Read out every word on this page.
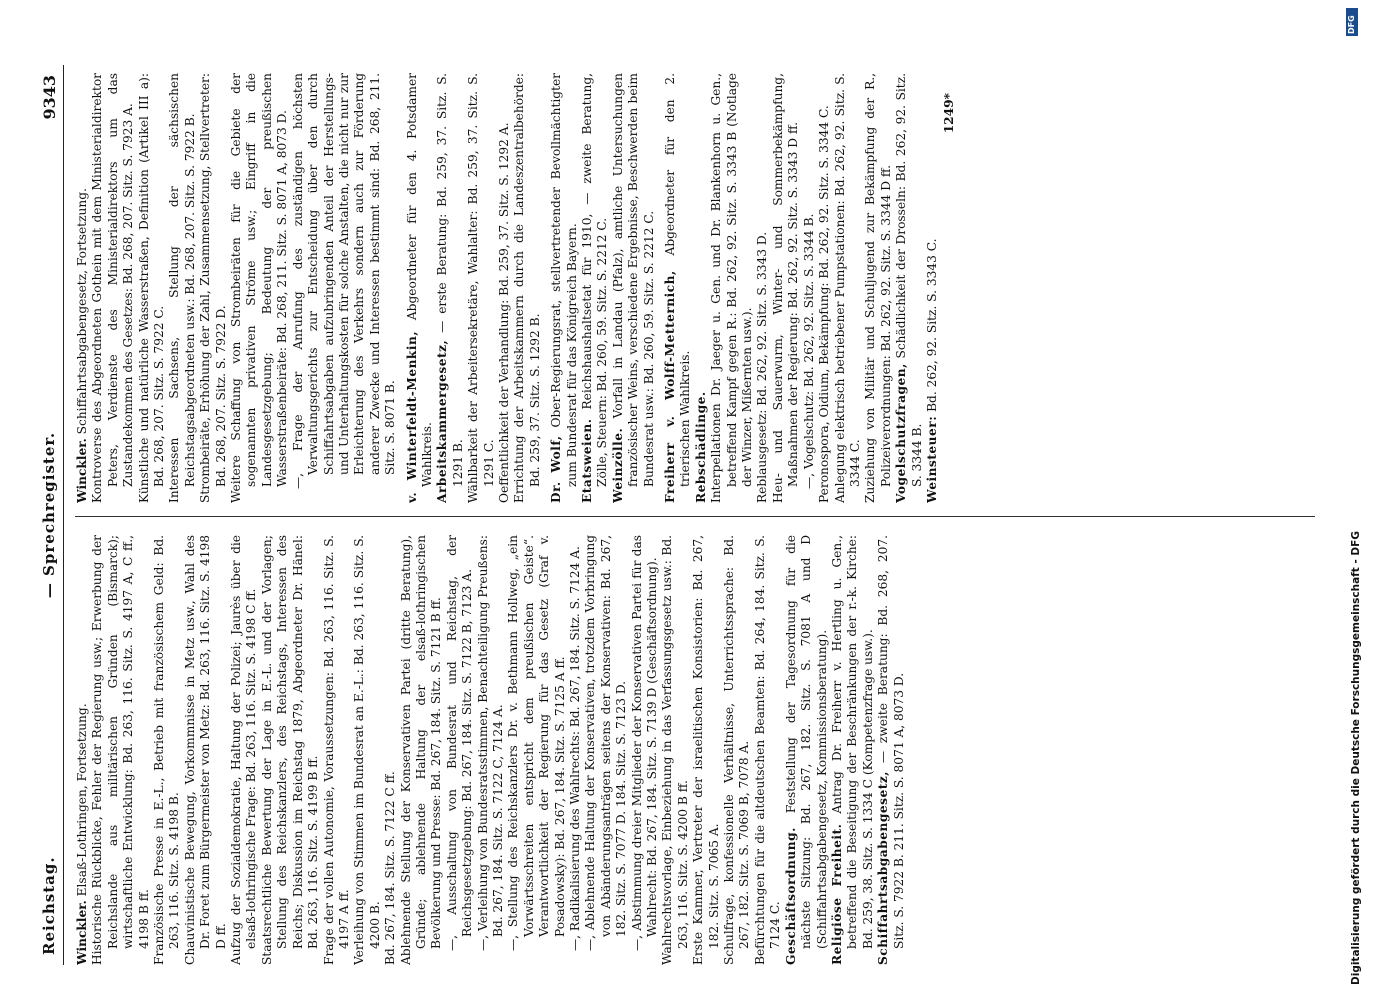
Reichstag.
— Sprechregister.
9343
Winckler. Elsaß-Lothringen, Fortsetzung. Historische Rückblicke, Fehler der Regierung usw.; Erwerbung der Reichslande aus militärischen Gründen (Bismarck); wirtschaftliche Entwicklung: Bd. 263, 116. Sitz. S. 4197 A, C ff., 4198 B ff. Französische Presse in E.-L., Betrieb mit französischem Geld: Bd. 263, 116. Sitz. S. 4198 B. Chauvinistische Bewegung, Vorkommnisse in Metz usw., Wahl des Dr. Foret zum Bürgermeister von Metz: Bd. 263, 116. Sitz. S. 4198 D ff. Aufzug der Sozialdemokratie, Haltung der Polizei; Jaurès über die elsaß-lothringische Frage: Bd. 263, 116. Sitz. S. 4198 C ff. Staatsrechtliche Bewertung der Lage in E.-L. und der Vorlagen; Stellung des Reichskanzlers, des Reichstags, Interessen des Reichs; Diskussion im Reichstag 1879, Abgeordneter Dr. Hänel: Bd. 263, 116. Sitz. S. 4199 B ff. Frage der vollen Autonomie, Voraussetzungen: Bd. 263, 116. Sitz. S. 4197 A ff. Verleihung von Stimmen im Bundesrat an E.-L.: Bd. 263, 116. Sitz. S. 4200 B. Bd. 267, 184. Sitz. S. 7122 C ff. Ablehnende Stellung der Konservativen Partei (dritte Beratung), Gründe; ablehnende Haltung der elsaß-lothringischen Bevölkerung und Presse: Bd. 267, 184. Sitz. S. 7121 B ff. —, Ausschaltung von Bundesrat und Reichstag, der Reichsgesetzgebung: Bd. 267, 184. Sitz. S. 7122 B, 7123 A. —, Verleihung von Bundesratsstimmen, Benachteiligung Preußens: Bd. 267, 184. Sitz. S. 7122 C, 7124 A. —, Stellung des Reichskanzlers Dr. v. Bethmann Hollweg, „ein Vorwärtsschreiten entspricht dem preußischen Geiste“. Verantwortlichkeit der Regierung für das Gesetz (Graf v. Posadowsky): Bd. 267, 184. Sitz. S. 7125 A ff. —, Radikalisierung des Wahlrechts: Bd. 267, 184. Sitz. S. 7124 A. —, Ablehnende Haltung der Konservativen, trotzdem Vorbringung von Abänderungsanträgen seitens der Konservativen: Bd. 267, 182. Sitz. S. 7077 D. 184. Sitz. S. 7123 D. —, Abstimmung dreier Mitglieder der Konservativen Partei für das Wahlrecht: Bd. 267, 184. Sitz. S. 7139 D (Geschäftsordnung). Wahlrechtsvorlage, Einbeziehung in das Verfassungsgesetz usw.: Bd. 263, 116. Sitz. S. 4200 B ff. Erste Kammer, Vertreter der israelitischen Konsistorien: Bd. 267, 182. Sitz. S. 7065 A. Schulfrage, konfessionelle Verhältnisse, Unterrichtssprache: Bd. 267, 182. Sitz. S. 7069 B, 7078 A. Befürchtungen für die altdeutschen Beamten: Bd. 264, 184. Sitz. S. 7124 C. Geschäftsordnung. Feststellung der Tagesordnung für die nächste Sitzung: Bd. 267, 182. Sitz. S. 7081 A und D (Schiffahrtsabgabengesetz, Kommissionsberatung). Religiöse Freiheit. Antrag Dr. Freiherr v. Hertling u. Gen., betreffend die Beseitigung der Beschränkungen der r.-k. Kirche: Bd. 259, 38. Sitz. S. 1334 C (Kompetenzfrage usw.). Schiffahrtsabgabengesetz, — zweite Beratung: Bd. 268, 207. Sitz. S. 7922 B. 211. Sitz. S. 8071 A, 8073 D.
Winckler. Schiffahrtsabgabengesetz, Fortsetzung. Kontroverse des Abgeordneten Gothein mit dem Ministerialdirektor Peters, Verdienste des Ministerialdirektors um das Zustandekommen des Gesetzes: Bd. 268, 207. Sitz. S. 7923 A. Künstliche und natürliche Wasserstraßen, Definition (Artikel III a): Bd. 268, 207. Sitz. S. 7922 C. Interessen Sachsens, Stellung der sächsischen Reichstagsabgeordneten usw.: Bd. 268, 207. Sitz. S. 7922 B. Strombeiräte, Erhöhung der Zahl, Zusammensetzung, Stellvertreter: Bd. 268, 207. Sitz. S. 7922 D. Weitere Schaffung von Strombeiräten für die Gebiete der sogenannten privativen Ströme usw.; Eingriff in die Landesgesetzgebung; Bedeutung der preußischen Wasserstraßenbeiräte: Bd. 268, 211. Sitz. S. 8071 A, 8073 D. —, Frage der Anrufung des zuständigen höchsten Verwaltungsgerichts zur Entscheidung über den durch Schiffahrtsabgaben aufzubringenden Anteil der Herstellungs- und Unterhaltungskosten für solche Anstalten, die nicht nur zur Erleichterung des Verkehrs sondern auch zur Förderung anderer Zwecke und Interessen bestimmt sind: Bd. 268, 211. Sitz. S. 8071 B. v. Winterfeldt-Menkin, Abgeordneter für den 4. Potsdamer Wahlkreis. Arbeitskammergesetz, — erste Beratung: Bd. 259, 37. Sitz. S. 1291 B. Wählbarkeit der Arbeitersekretäre, Wahlalter: Bd. 259, 37. Sitz. S. 1291 C. Oeffentlichkeit der Verhandlung: Bd. 259, 37. Sitz. S. 1292 A. Errichtung der Arbeitskammern durch die Landeszentralbehörde: Bd. 259, 37. Sitz. S. 1292 B. Dr. Wolf, Ober-Regierungsrat, stellvertretender Bevollmächtigter zum Bundesrat für das Königreich Bayern. Etatsweien. Reichshaushaltsetat für 1910, — zweite Beratung, Zölle, Steuern: Bd. 260, 59. Sitz. S. 2212 C. Weinzölle. Vorfall in Landau (Pfalz), amtliche Untersuchungen französischer Weins, verschiedene Ergebnisse, Beschwerden beim Bundesrat usw.: Bd. 260, 59. Sitz. S. 2212 C. Freiherr v. Wolff-Metternich, Abgeordneter für den 2. trierischen Wahlkreis. Rebschädlinge. Interpellationen Dr. Jaeger u. Gen. und Dr. Blankenhorn u. Gen., betreffend Kampf gegen R.: Bd. 262, 92. Sitz. S. 3343 B (Notlage der Winzer, Mißernten usw.). Reblausgesetz: Bd. 262, 92. Sitz. S. 3343 D. Heu- und Sauerwurm, Winter- und Sommerbekämpfung, Maßnahmen der Regierung: Bd. 262, 92. Sitz. S. 3343 D ff. —, Vogelschutz: Bd. 262, 92. Sitz. S. 3344 B. Peronospora, Oidium, Bekämpfung: Bd. 262, 92. Sitz. S. 3344 C. Anlegung elektrisch betriebener Pumpstationen: Bd. 262, 92. Sitz. S. 3344 C. Zuziehung von Militär und Schuljugend zur Bekämpfung der R., Polizeiverordnungen: Bd. 262, 92. Sitz. S. 3344 D ff. Vogelschutzfragen, Schädlichkeit der Drosseln: Bd. 262, 92. Sitz. S. 3344 B. Weinsteuer: Bd. 262, 92. Sitz. S. 3343 C.
1249*
Digitalisierung gefördert durch die Deutsche Forschungsgemeinschaft - DFG
DFG
